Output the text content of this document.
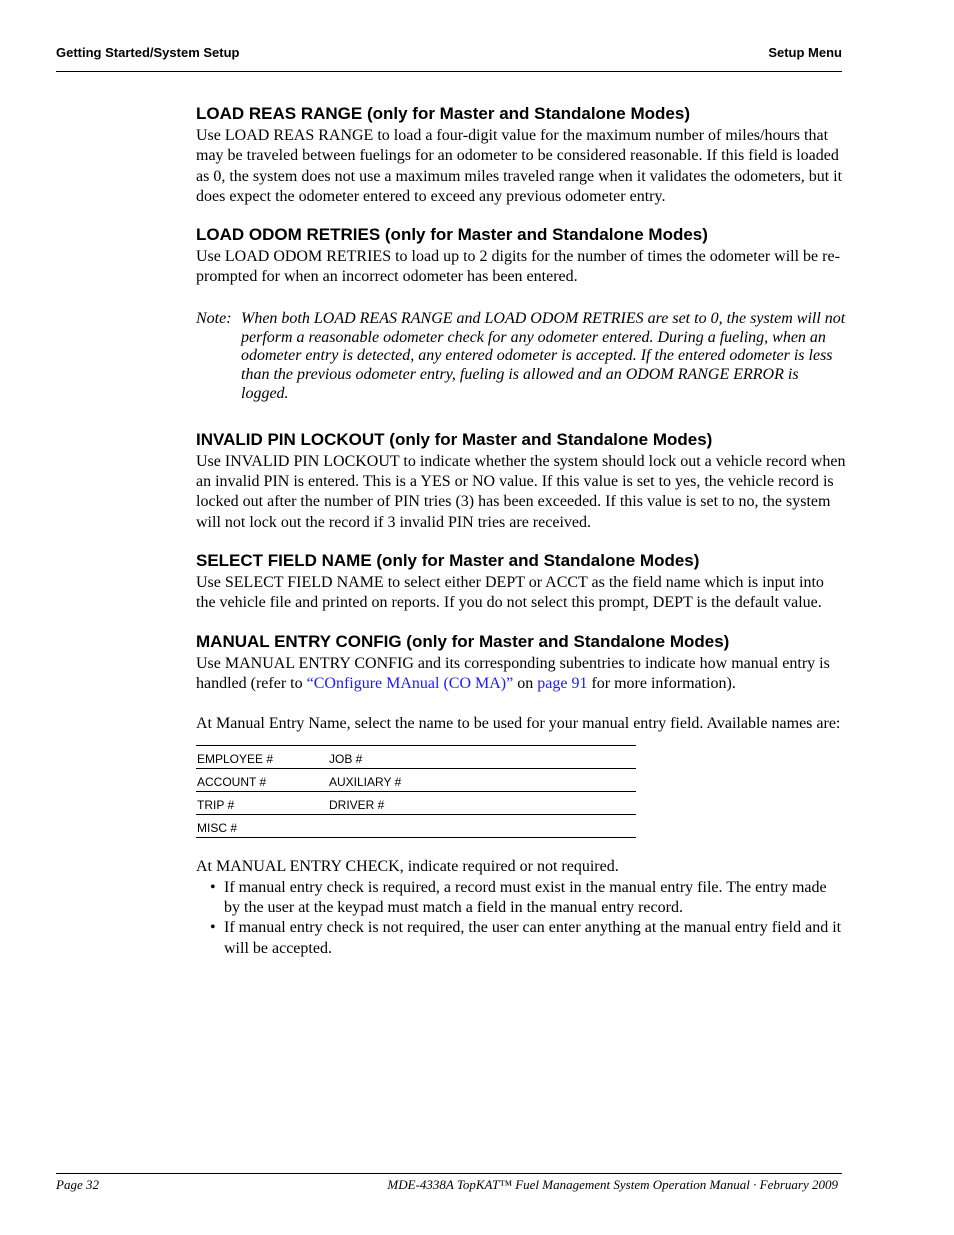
Getting Started/System Setup	Setup Menu
LOAD REAS RANGE (only for Master and Standalone Modes)

Use LOAD REAS RANGE to load a four-digit value for the maximum number of miles/hours that may be traveled between fuelings for an odometer to be considered reasonable. If this field is loaded as 0, the system does not use a maximum miles traveled range when it validates the odometers, but it does expect the odometer entered to exceed any previous odometer entry.

LOAD ODOM RETRIES (only for Master and Standalone Modes)

Use LOAD ODOM RETRIES to load up to 2 digits for the number of times the odometer will be re-prompted for when an incorrect odometer has been entered.

Note: When both LOAD REAS RANGE and LOAD ODOM RETRIES are set to 0, the system will not perform a reasonable odometer check for any odometer entered. During a fueling, when an odometer entry is detected, any entered odometer is accepted. If the entered odometer is less than the previous odometer entry, fueling is allowed and an ODOM RANGE ERROR is logged.
INVALID PIN LOCKOUT (only for Master and Standalone Modes)

Use INVALID PIN LOCKOUT to indicate whether the system should lock out a vehicle record when an invalid PIN is entered. This is a YES or NO value. If this value is set to yes, the vehicle record is locked out after the number of PIN tries (3) has been exceeded. If this value is set to no, the system will not lock out the record if 3 invalid PIN tries are received.

SELECT FIELD NAME (only for Master and Standalone Modes)

Use SELECT FIELD NAME to select either DEPT or ACCT as the field name which is input into the vehicle file and printed on reports. If you do not select this prompt, DEPT is the default value.

MANUAL ENTRY CONFIG (only for Master and Standalone Modes)

Use MANUAL ENTRY CONFIG and its corresponding subentries to indicate how manual entry is handled (refer to “COnfigure MAnual (CO MA)” on page 91 for more information).

At Manual Entry Name, select the name to be used for your manual entry field. Available names are:

EMPLOYEE #	JOB #
ACCOUNT #	AUXILIARY #
TRIP #	DRIVER #
MISC #

At MANUAL ENTRY CHECK, indicate required or not required.

• If manual entry check is required, a record must exist in the manual entry file. The entry made by the user at the keypad must match a field in the manual entry record.
• If manual entry check is not required, the user can enter anything at the manual entry field and it will be accepted.
Page 32	MDE-4338A TopKAT™ Fuel Management System Operation Manual · February 2009
